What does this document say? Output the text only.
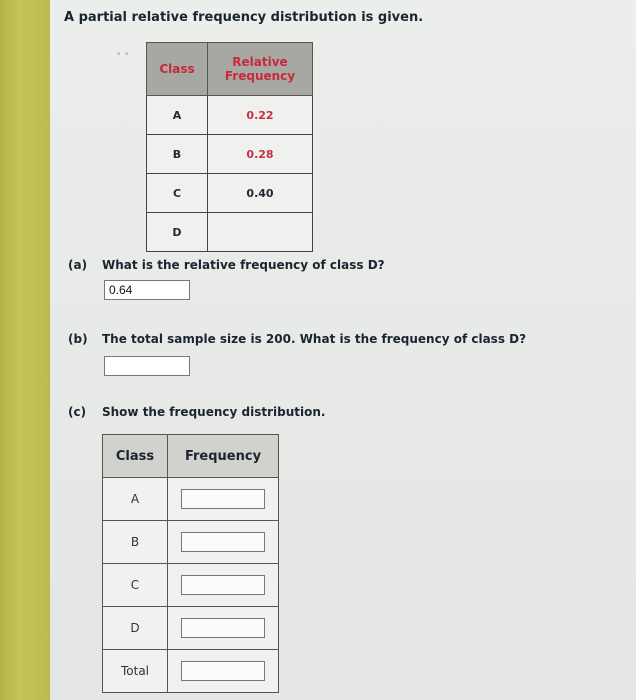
A partial relative frequency distribution is given.
• •
Class	Relative
Frequency
A	0.22
B	0.28
C	0.40
D	
(a) What is the relative frequency of class D?
0.64
(b) The total sample size is 200. What is the frequency of class D?
(c) Show the frequency distribution.
Class	Frequency
A	
B	
C	
D	
Total	
